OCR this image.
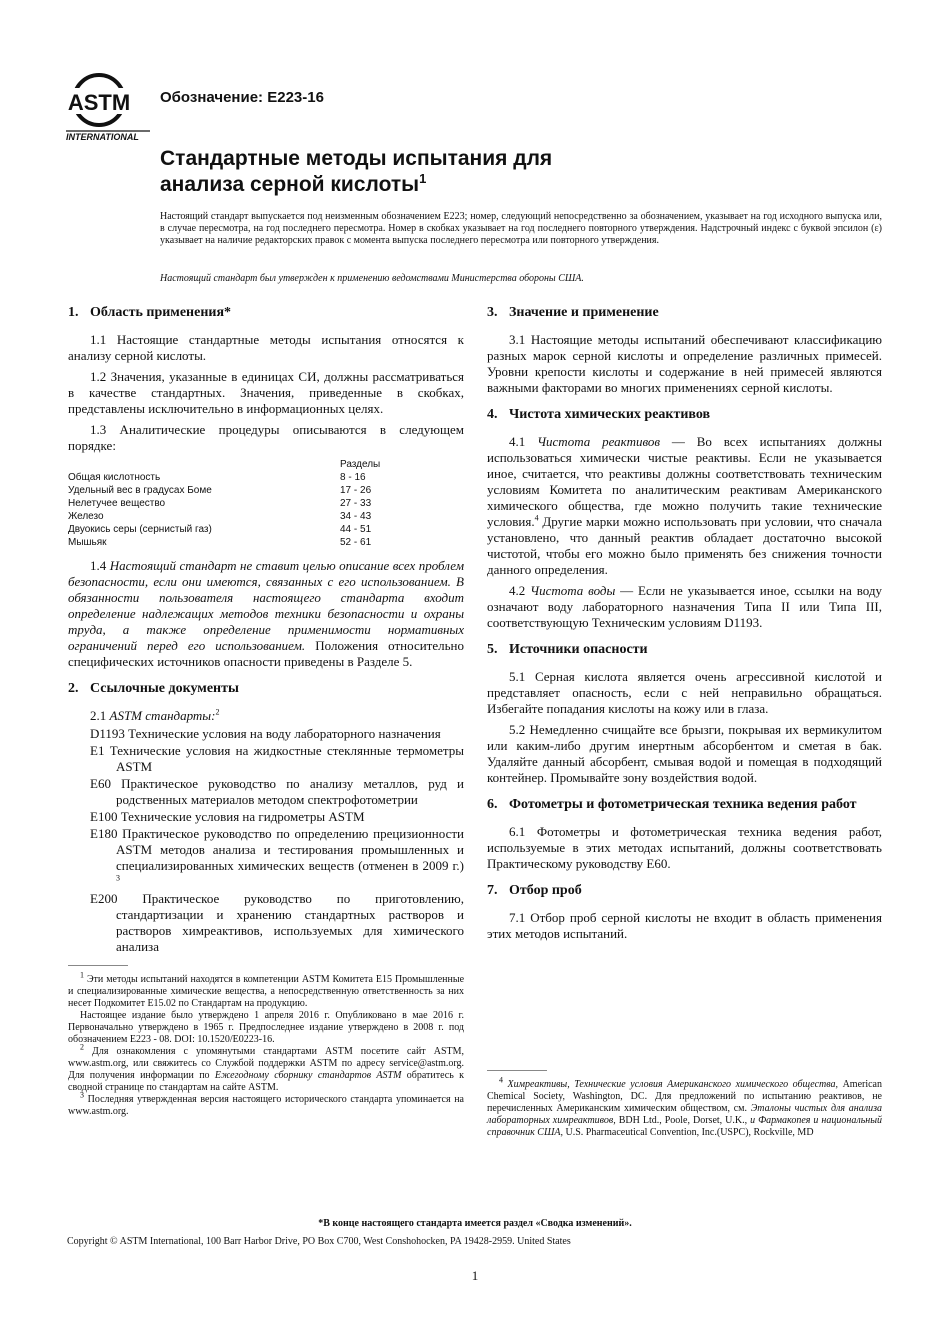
ASTM
INTERNATIONAL
Обозначение: E223-16
Стандартные методы испытания для
анализа серной кислоты$^1$
Настоящий стандарт выпускается под неизменным обозначением E223; номер, следующий непосредственно за обозначением, указывает на год исходного выпуска или, в случае пересмотра, на год последнего пересмотра. Номер в скобках указывает на год последнего повторного утверждения. Надстрочный индекс с буквой эпсилон (ε) указывает на наличие редакторских правок с момента выпуска последнего пересмотра или повторного утверждения.
Настоящий стандарт был утвержден к применению ведомствами Министерства обороны США.
1. Область применения*

1.1 Настоящие стандартные методы испытания относятся к анализу серной кислоты.

1.2 Значения, указанные в единицах СИ, должны рассматриваться в качестве стандартных. Значения, приведенные в скобках, представлены исключительно в информационных целях.

1.3 Аналитические процедуры описываются в следующем порядке:

	Разделы
Общая кислотность	8 - 16
Удельный вес в градусах Боме	17 - 26
Нелетучее вещество	27 - 33
Железо	34 - 43
Двуокись серы (сернистый газ)	44 - 51
Мышьяк	52 - 61

1.4 Настоящий стандарт не ставит целью описание всех проблем безопасности, если они имеются, связанных с его использованием. В обязанности пользователя настоящего стандарта входит определение надлежащих методов техники безопасности и охраны труда, а также определение применимости нормативных ограничений перед его использованием. Положения относительно специфических источников опасности приведены в Разделе 5.

2. Ссылочные документы

2.1 ASTM стандарты:$^2$

D1193 Технические условия на воду лабораторного назначения

E1 Технические условия на жидкостные стеклянные термометры ASTM

E60 Практическое руководство по анализу металлов, руд и родственных материалов методом спектрофотометрии

E100 Технические условия на гидрометры ASTM

E180 Практическое руководство по определению прецизионности ASTM методов анализа и тестирования промышленных и специализированных химических веществ (отменен в 2009 г.) $^3$

E200 Практическое руководство по приготовлению, стандартизации и хранению стандартных растворов и растворов химреактивов, используемых для химического анализа

$^1$ Эти методы испытаний находятся в компетенции ASTM Комитета E15 Промышленные и специализированные химические вещества, а непосредственную ответственность за них несет Подкомитет E15.02 по Стандартам на продукцию.

Настоящее издание было утверждено 1 апреля 2016 г. Опубликовано в мае 2016 г. Первоначально утверждено в 1965 г. Предпоследнее издание утверждено в 2008 г. под обозначением E223 - 08. DOI: 10.1520/E0223-16.

$^2$ Для ознакомления с упомянутыми стандартами ASTM посетите сайт ASTM, www.astm.org, или свяжитесь со Службой поддержки ASTM по адресу service@astm.org. Для получения информации по Ежегодному сборнику стандартов ASTM обратитесь к сводной странице по стандартам на сайте ASTM.

$^3$ Последняя утвержденная версия настоящего исторического стандарта упоминается на www.astm.org.

3. Значение и применение

3.1 Настоящие методы испытаний обеспечивают классификацию разных марок серной кислоты и определение различных примесей. Уровни крепости кислоты и содержание в ней примесей являются важными факторами во многих применениях серной кислоты.

4. Чистота химических реактивов

4.1 Чистота реактивов — Во всех испытаниях должны использоваться химически чистые реактивы. Если не указывается иное, считается, что реактивы должны соответствовать техническим условиям Комитета по аналитическим реактивам Американского химического общества, где можно получить такие технические условия.$^4$ Другие марки можно использовать при условии, что сначала установлено, что данный реактив обладает достаточно высокой чистотой, чтобы его можно было применять без снижения точности данного определения.

4.2 Чистота воды — Если не указывается иное, ссылки на воду означают воду лабораторного назначения Типа II или Типа III, соответствующую Техническим условиям D1193.

5. Источники опасности

5.1 Серная кислота является очень агрессивной кислотой и представляет опасность, если с ней неправильно обращаться. Избегайте попадания кислоты на кожу или в глаза.

5.2 Немедленно счищайте все брызги, покрывая их вермикулитом или каким-либо другим инертным абсорбентом и сметая в бак. Удаляйте данный абсорбент, смывая водой и помещая в подходящий контейнер. Промывайте зону воздействия водой.

6. Фотометры и фотометрическая техника ведения работ

6.1 Фотометры и фотометрическая техника ведения работ, используемые в этих методах испытаний, должны соответствовать Практическому руководству E60.

7. Отбор проб

7.1 Отбор проб серной кислоты не входит в область применения этих методов испытаний.

$^4$ Химреактивы, Технические условия Американского химического общества, American Chemical Society, Washington, DC. Для предложений по испытанию реактивов, не перечисленных Американским химическим обществом, см. Эталоны чистых для анализа лабораторных химреактивов, BDH Ltd., Poole, Dorset, U.K., и Фармакопея и национальный справочник США, U.S. Pharmaceutical Convention, Inc.(USPC), Rockville, MD

*В конце настоящего стандарта имеется раздел «Сводка изменений».
Copyright © ASTM International, 100 Barr Harbor Drive, PO Box C700, West Conshohocken, PA 19428-2959. United States
1
